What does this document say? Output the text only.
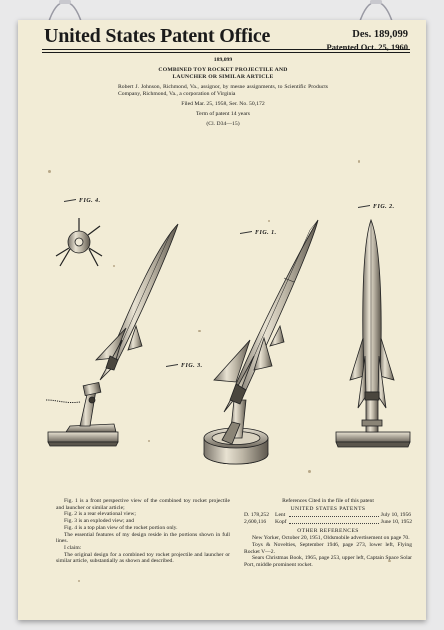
United States Patent Office	Des. 189,099
Patented Oct. 25, 1960
189,099
COMBINED TOY ROCKET PROJECTILE AND
LAUNCHER OR SIMILAR ARTICLE
Robert J. Johnson, Richmond, Va., assignor, by mesne assignments, to Scientific Products Company, Richmond, Va., a corporation of Virginia
Filed Mar. 25, 1958, Ser. No. 50,172
Term of patent 14 years
(Cl. D34—15)
FIG. 4.
FIG. 1.
FIG. 2.
FIG. 3.
Fig. 1 is a front perspective view of the combined toy rocket projectile and launcher or similar article;
Fig. 2 is a rear elevational view;
Fig. 3 is an exploded view; and
Fig. 4 is a top plan view of the rocket portion only.
The essential features of my design reside in the portions shown in full lines.
I claim:
The original design for a combined toy rocket projectile and launcher or similar article, substantially as shown and described.
References Cited in the file of this patent
UNITED STATES PATENTS
D. 178,252	Lent		July 10, 1956
2,600,116	Kopf		June 10, 1952
OTHER REFERENCES

New Yorker, October 20, 1951, Oldsmobile advertisement on page 70.

Toys & Novelties, September 1946, page 273, lower left, Flying Rocket V—2.

Sears Christmas Book, 1965, page 253, upper left, Captain Space Solar Port, middle prominent rocket.
